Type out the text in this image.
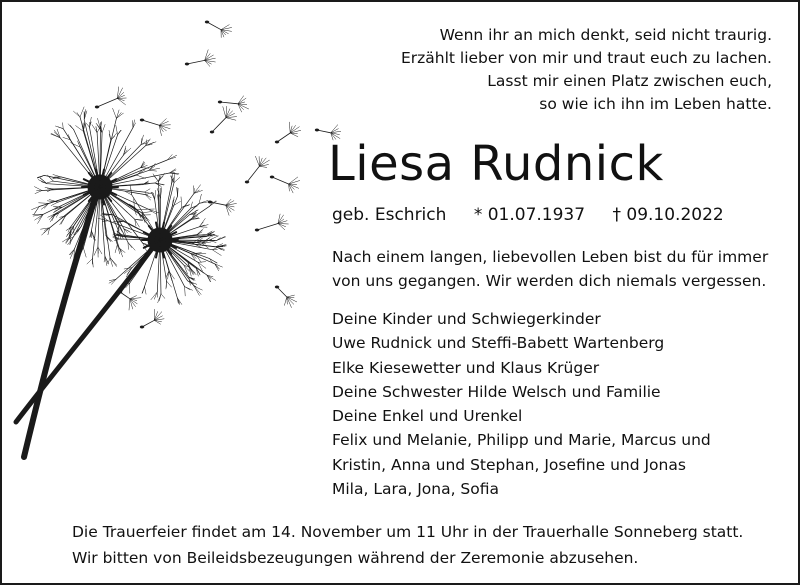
Wenn ihr an mich denkt, seid nicht traurig.
Erzählt lieber von mir und traut euch zu lachen.
Lasst mir einen Platz zwischen euch,
so wie ich ihn im Leben hatte.
Liesa Rudnick
geb. Eschrich * 01.07.1937 † 09.10.2022
Nach einem langen, liebevollen Leben bist du für immer
von uns gegangen. Wir werden dich niemals vergessen.
Deine Kinder und Schwiegerkinder
Uwe Rudnick und Steffi-Babett Wartenberg
Elke Kiesewetter und Klaus Krüger
Deine Schwester Hilde Welsch und Familie
Deine Enkel und Urenkel
Felix und Melanie, Philipp und Marie, Marcus und
Kristin, Anna und Stephan, Josefine und Jonas
Mila, Lara, Jona, Sofia
Die Trauerfeier findet am 14. November um 11 Uhr in der Trauerhalle Sonneberg statt.
Wir bitten von Beileidsbezeugungen während der Zeremonie abzusehen.
